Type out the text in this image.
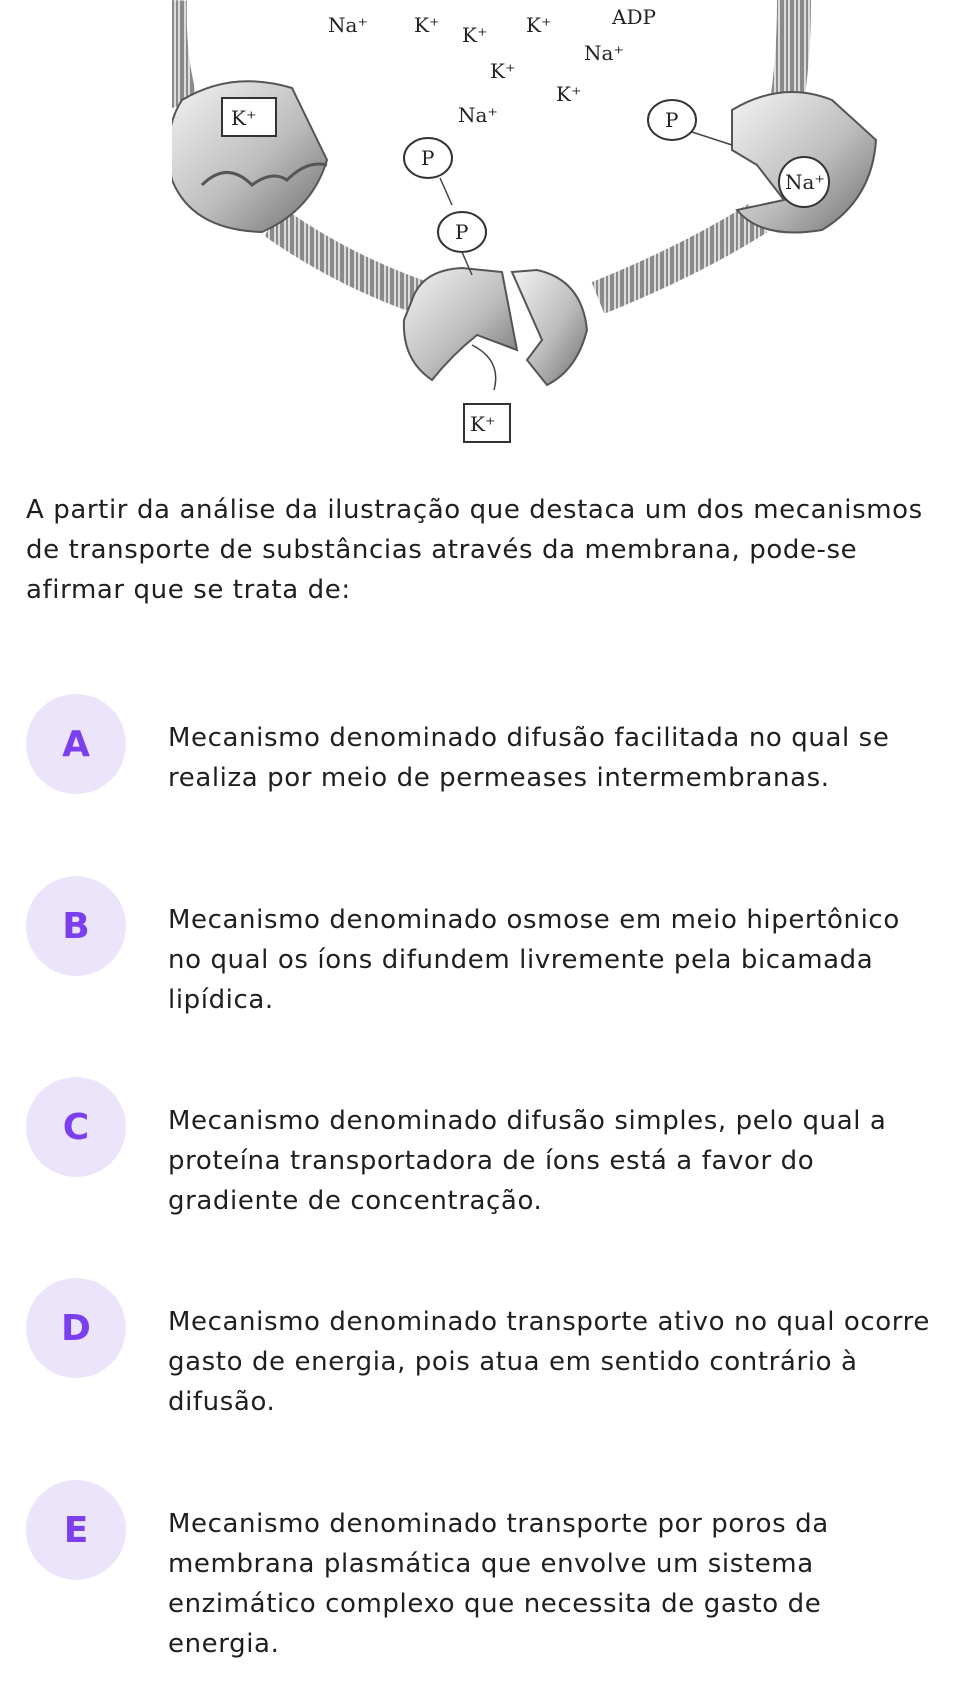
K⁺
Na⁺
K⁺
P
P
P
Na⁺ K⁺ K⁺ K⁺	ADP
Na⁺
K⁺
K⁺
Na⁺

A partir da análise da ilustração que destaca um dos mecanismos de transporte de substâncias através da membrana, pode-se afirmar que se trata de:

A	Mecanismo denominado difusão facilitada no qual se realiza por meio de permeases intermembranas.

B	Mecanismo denominado osmose em meio hipertônico no qual os íons difundem livremente pela bicamada lipídica.

C	Mecanismo denominado difusão simples, pelo qual a proteína transportadora de íons está a favor do gradiente de concentração.

D	Mecanismo denominado transporte ativo no qual ocorre gasto de energia, pois atua em sentido contrário à difusão.

E	Mecanismo denominado transporte por poros da membrana plasmática que envolve um sistema enzimático complexo que necessita de gasto de energia.
